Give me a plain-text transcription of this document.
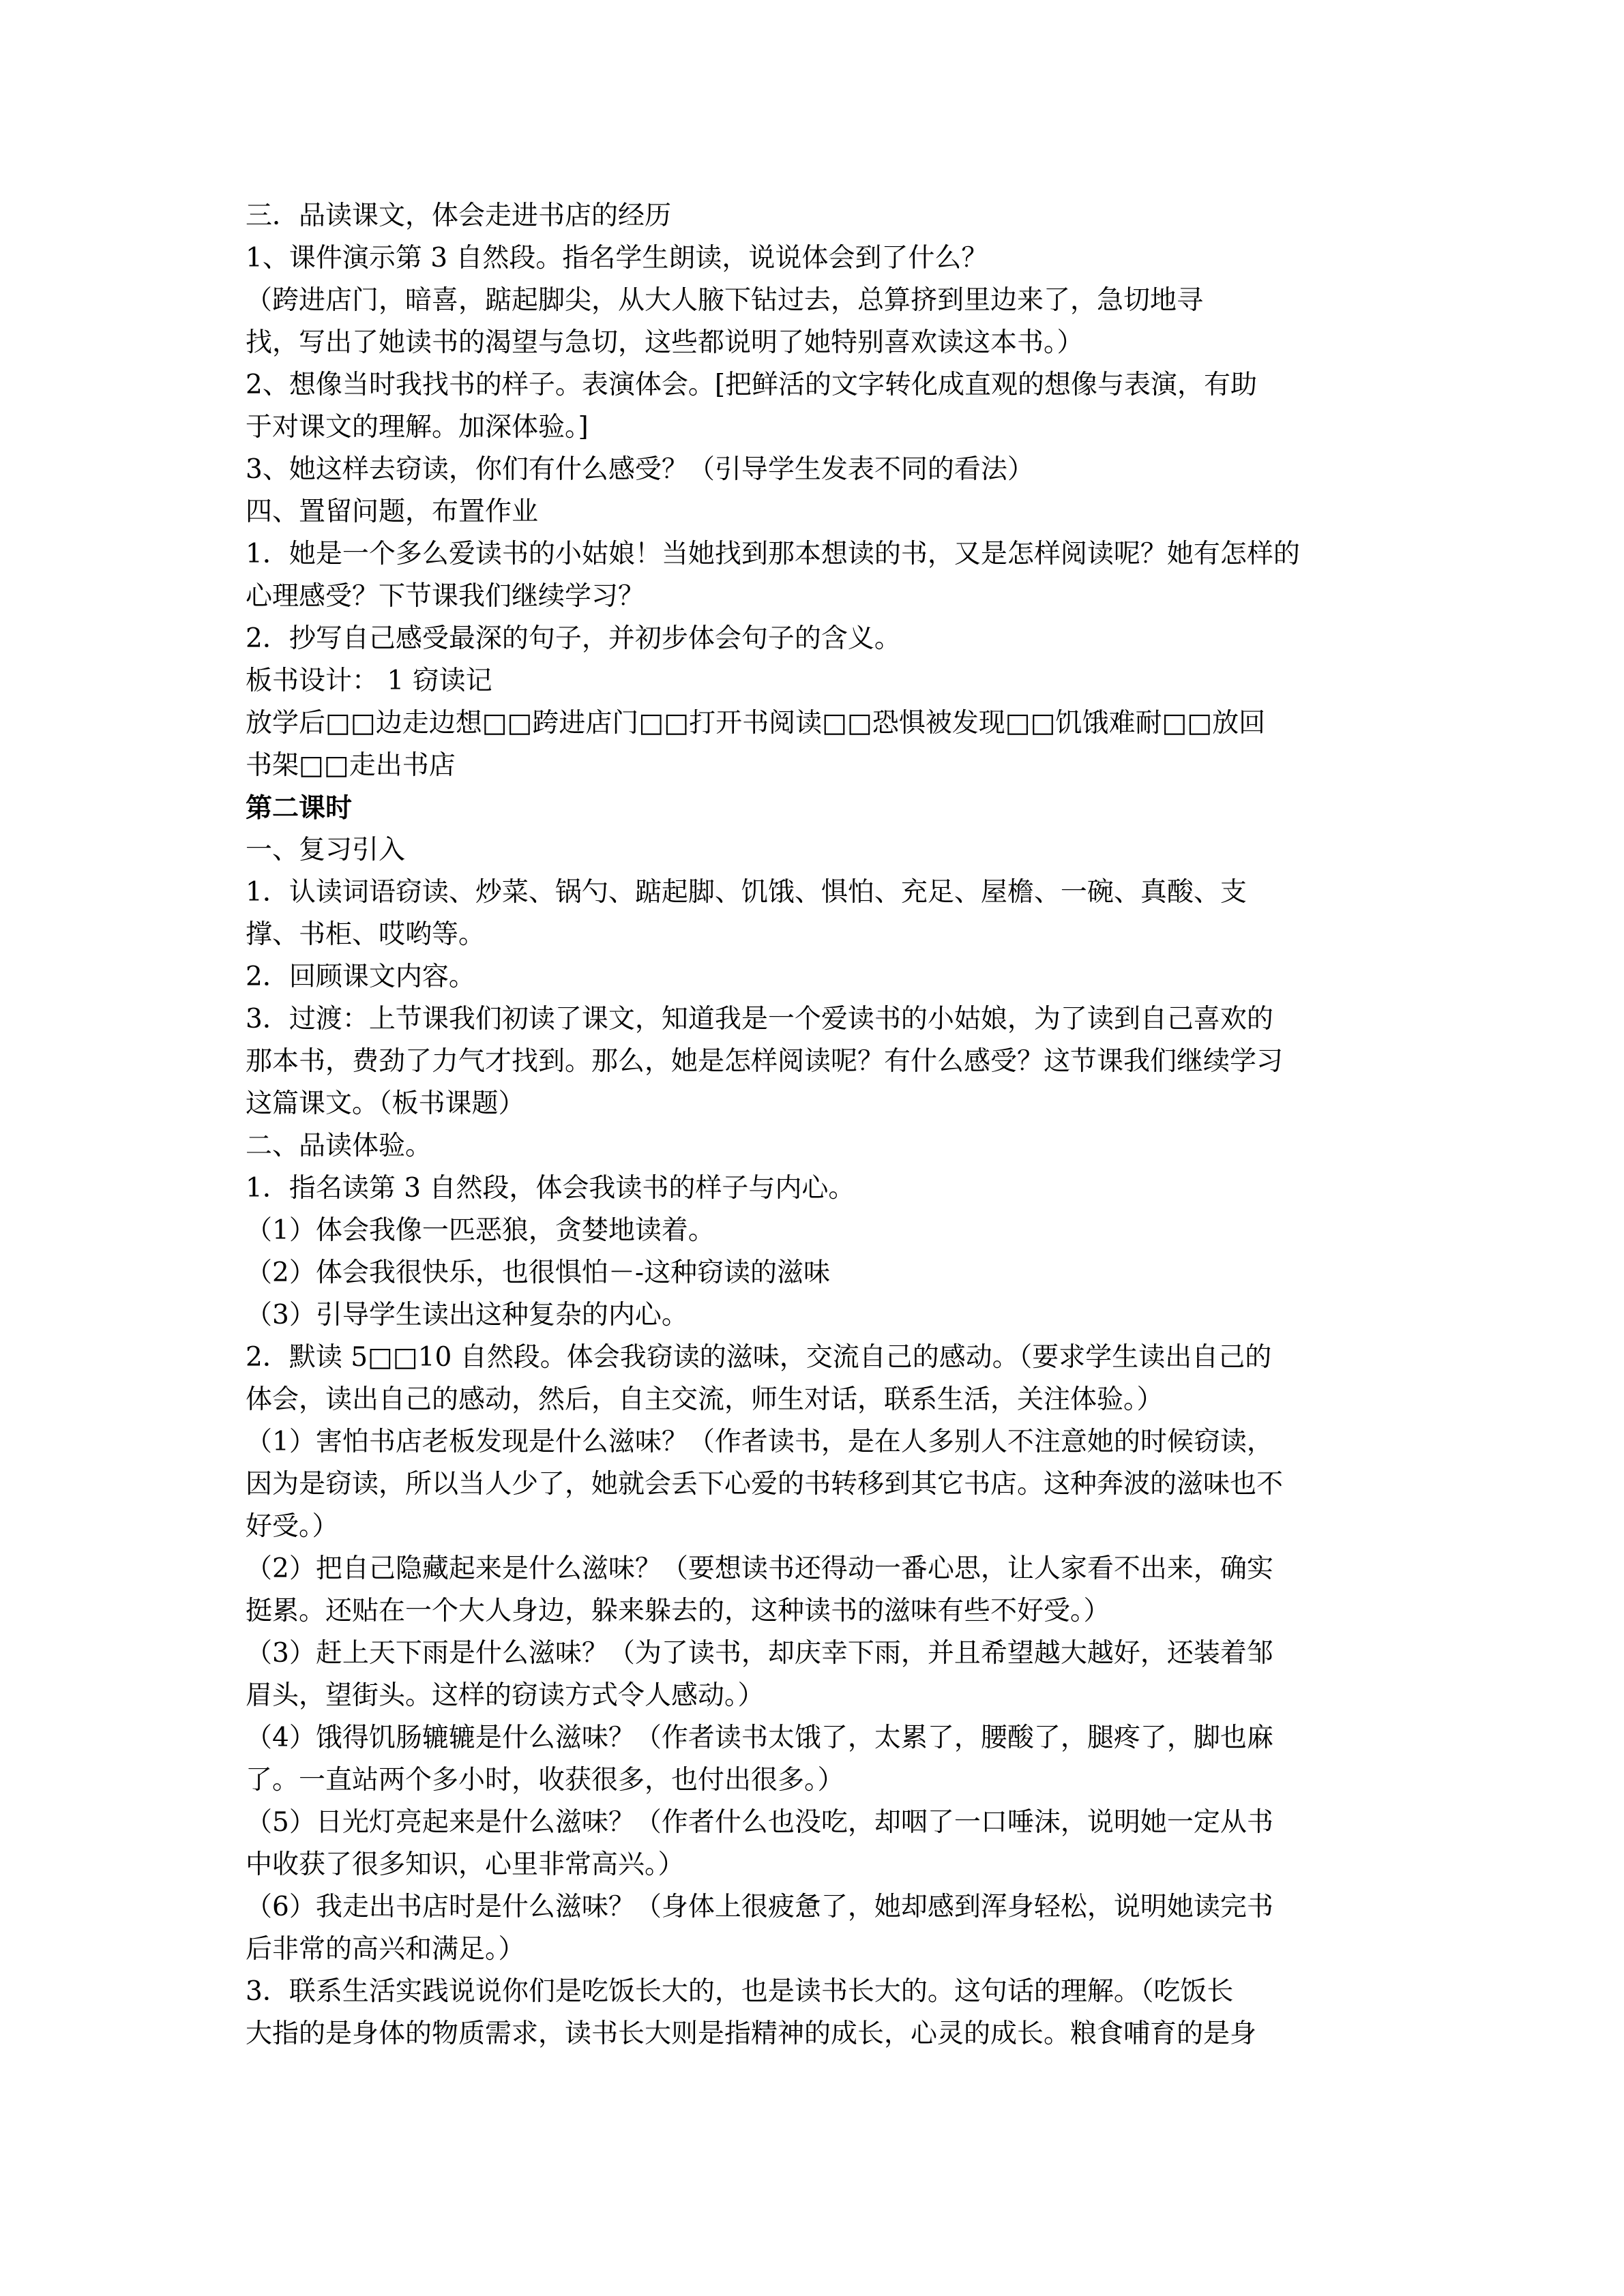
三．品读课文，体会走进书店的经历
1、课件演示第 3 自然段。指名学生朗读，说说体会到了什么？
（跨进店门，暗喜，踮起脚尖，从大人腋下钻过去，总算挤到里边来了，急切地寻
找，写出了她读书的渴望与急切，这些都说明了她特别喜欢读这本书。）
2、想像当时我找书的样子。表演体会。[把鲜活的文字转化成直观的想像与表演，有助
于对课文的理解。加深体验。]
3、她这样去窃读，你们有什么感受？（引导学生发表不同的看法）
四、置留问题，布置作业
1．她是一个多么爱读书的小姑娘！当她找到那本想读的书，又是怎样阅读呢？她有怎样的
心理感受？下节课我们继续学习？
2．抄写自己感受最深的句子，并初步体会句子的含义。
板书设计： 1 窃读记
放学后□□边走边想□□跨进店门□□打开书阅读□□恐惧被发现□□饥饿难耐□□放回
书架□□走出书店
第二课时
一、复习引入
1．认读词语窃读、炒菜、锅勺、踮起脚、饥饿、惧怕、充足、屋檐、一碗、真酸、支
撑、书柜、哎哟等。
2．回顾课文内容。
3．过渡：上节课我们初读了课文，知道我是一个爱读书的小姑娘，为了读到自己喜欢的
那本书，费劲了力气才找到。那么，她是怎样阅读呢？有什么感受？这节课我们继续学习
这篇课文。（板书课题）
二、品读体验。
1．指名读第 3 自然段，体会我读书的样子与内心。
（1）体会我像一匹恶狼，贪婪地读着。
（2）体会我很快乐，也很惧怕－-这种窃读的滋味
（3）引导学生读出这种复杂的内心。
2．默读 5□□10 自然段。体会我窃读的滋味，交流自己的感动。（要求学生读出自己的
体会，读出自己的感动，然后，自主交流，师生对话，联系生活，关注体验。）
（1）害怕书店老板发现是什么滋味？（作者读书，是在人多别人不注意她的时候窃读，
因为是窃读，所以当人少了，她就会丢下心爱的书转移到其它书店。这种奔波的滋味也不
好受。）
（2）把自己隐藏起来是什么滋味？（要想读书还得动一番心思，让人家看不出来，确实
挺累。还贴在一个大人身边，躲来躲去的，这种读书的滋味有些不好受。）
（3）赶上天下雨是什么滋味？（为了读书，却庆幸下雨，并且希望越大越好，还装着邹
眉头，望街头。这样的窃读方式令人感动。）
（4）饿得饥肠辘辘是什么滋味？（作者读书太饿了，太累了，腰酸了，腿疼了，脚也麻
了。一直站两个多小时，收获很多，也付出很多。）
（5）日光灯亮起来是什么滋味？（作者什么也没吃，却咽了一口唾沫，说明她一定从书
中收获了很多知识，心里非常高兴。）
（6）我走出书店时是什么滋味？（身体上很疲惫了，她却感到浑身轻松，说明她读完书
后非常的高兴和满足。）
3．联系生活实践说说你们是吃饭长大的，也是读书长大的。这句话的理解。（吃饭长
大指的是身体的物质需求，读书长大则是指精神的成长，心灵的成长。粮食哺育的是身
